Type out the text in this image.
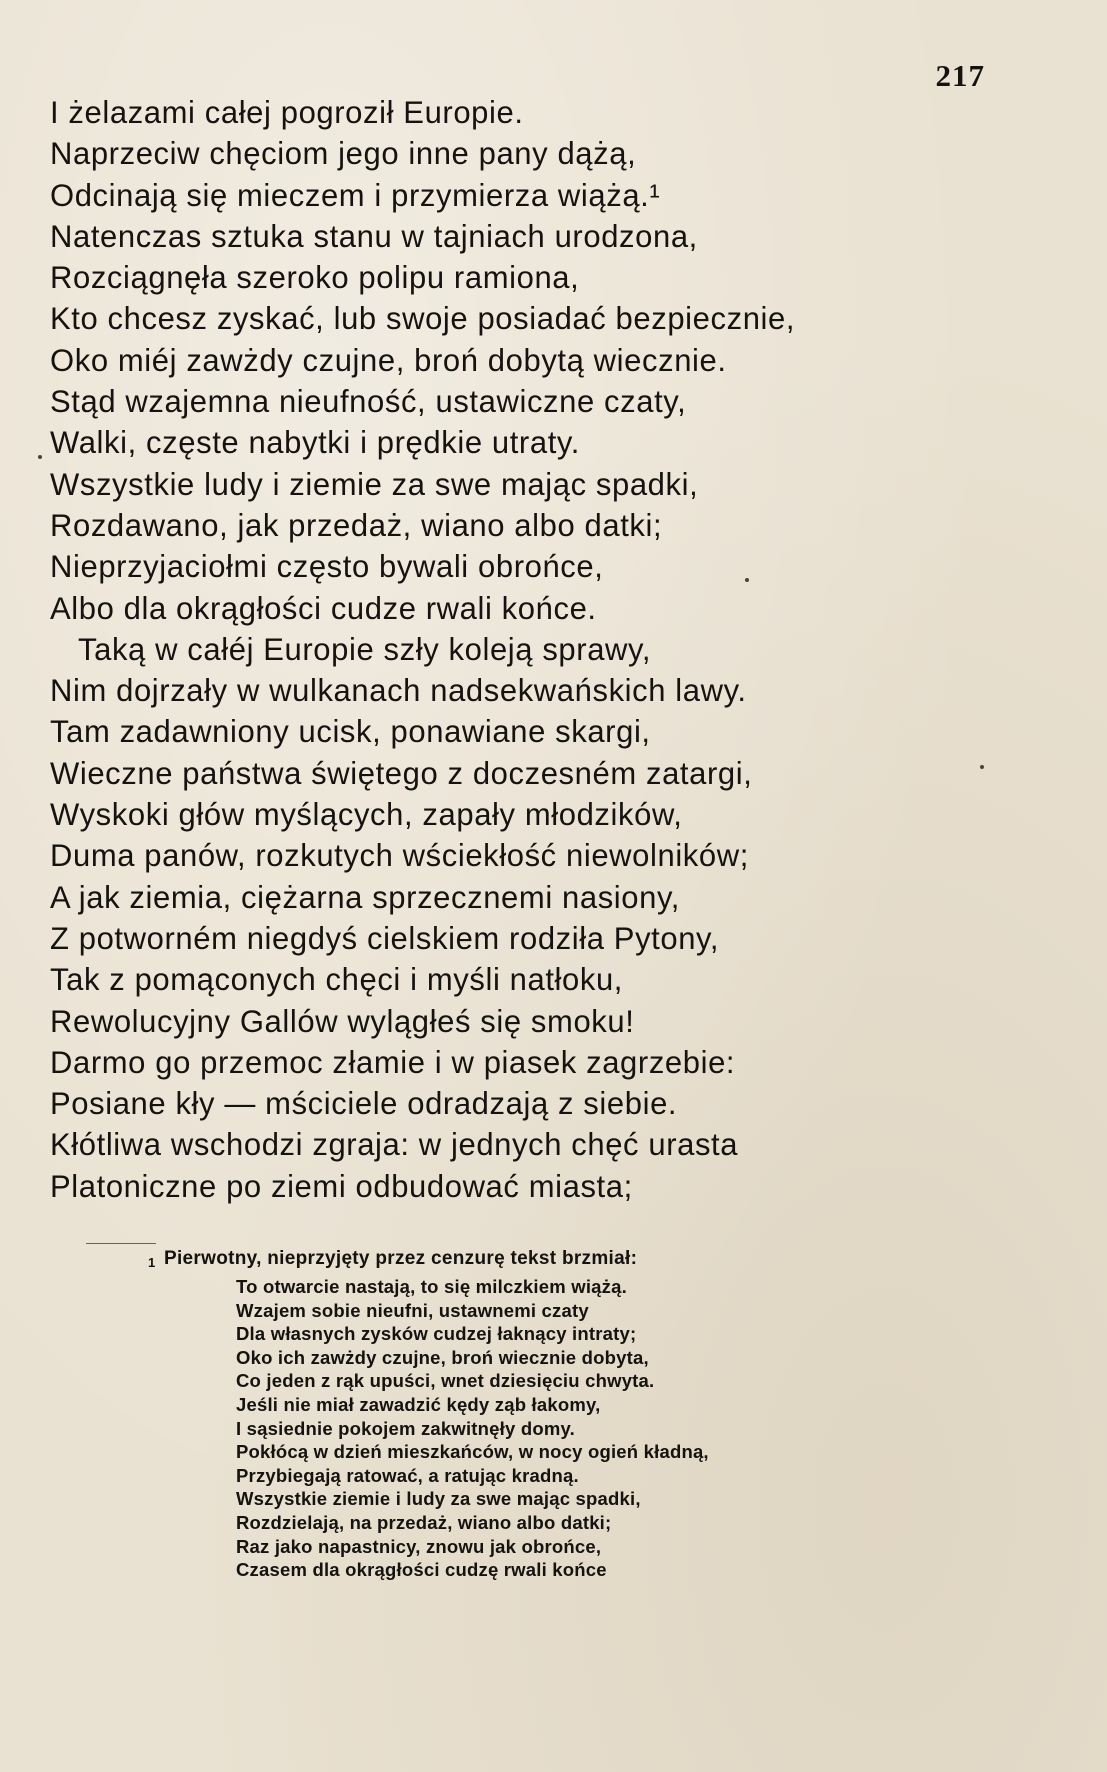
217
I żelazami całej pogroził Europie.
Naprzeciw chęciom jego inne pany dążą,
Odcinają się mieczem i przymierza wiążą.¹
Natenczas sztuka stanu w tajniach urodzona,
Rozciągnęła szeroko polipu ramiona,
Kto chcesz zyskać, lub swoje posiadać bezpiecznie,
Oko miéj zawżdy czujne, broń dobytą wiecznie.
Stąd wzajemna nieufność, ustawiczne czaty,
Walki, częste nabytki i prędkie utraty.
Wszystkie ludy i ziemie za swe mając spadki,
Rozdawano, jak przedaż, wiano albo datki;
Nieprzyjaciołmi często bywali obrońce,
Albo dla okrągłości cudze rwali końce.
Taką w całéj Europie szły koleją sprawy,
Nim dojrzały w wulkanach nadsekwańskich lawy.
Tam zadawniony ucisk, ponawiane skargi,
Wieczne państwa świętego z doczesném zatargi,
Wyskoki głów myślących, zapały młodzików,
Duma panów, rozkutych wściekłość niewolników;
A jak ziemia, ciężarna sprzecznemi nasiony,
Z potworném niegdyś cielskiem rodziła Pytony,
Tak z pomąconych chęci i myśli natłoku,
Rewolucyjny Gallów wylągłeś się smoku!
Darmo go przemoc złamie i w piasek zagrzebie:
Posiane kły — mściciele odradzają z siebie.
Kłótliwa wschodzi zgraja: w jednych chęć urasta
Platoniczne po ziemi odbudować miasta;
1 Pierwotny, nieprzyjęty przez cenzurę tekst brzmiał:
To otwarcie nastają, to się milczkiem wiążą.
Wzajem sobie nieufni, ustawnemi czaty
Dla własnych zysków cudzej łaknący intraty;
Oko ich zawżdy czujne, broń wiecznie dobyta,
Co jeden z rąk upuści, wnet dziesięciu chwyta.
Jeśli nie miał zawadzić kędy ząb łakomy,
I sąsiednie pokojem zakwitnęły domy.
Pokłócą w dzień mieszkańców, w nocy ogień kładną,
Przybiegają ratować, a ratując kradną.
Wszystkie ziemie i ludy za swe mając spadki,
Rozdzielają, na przedaż, wiano albo datki;
Raz jako napastnicy, znowu jak obrońce,
Czasem dla okrągłości cudzę rwali końce
